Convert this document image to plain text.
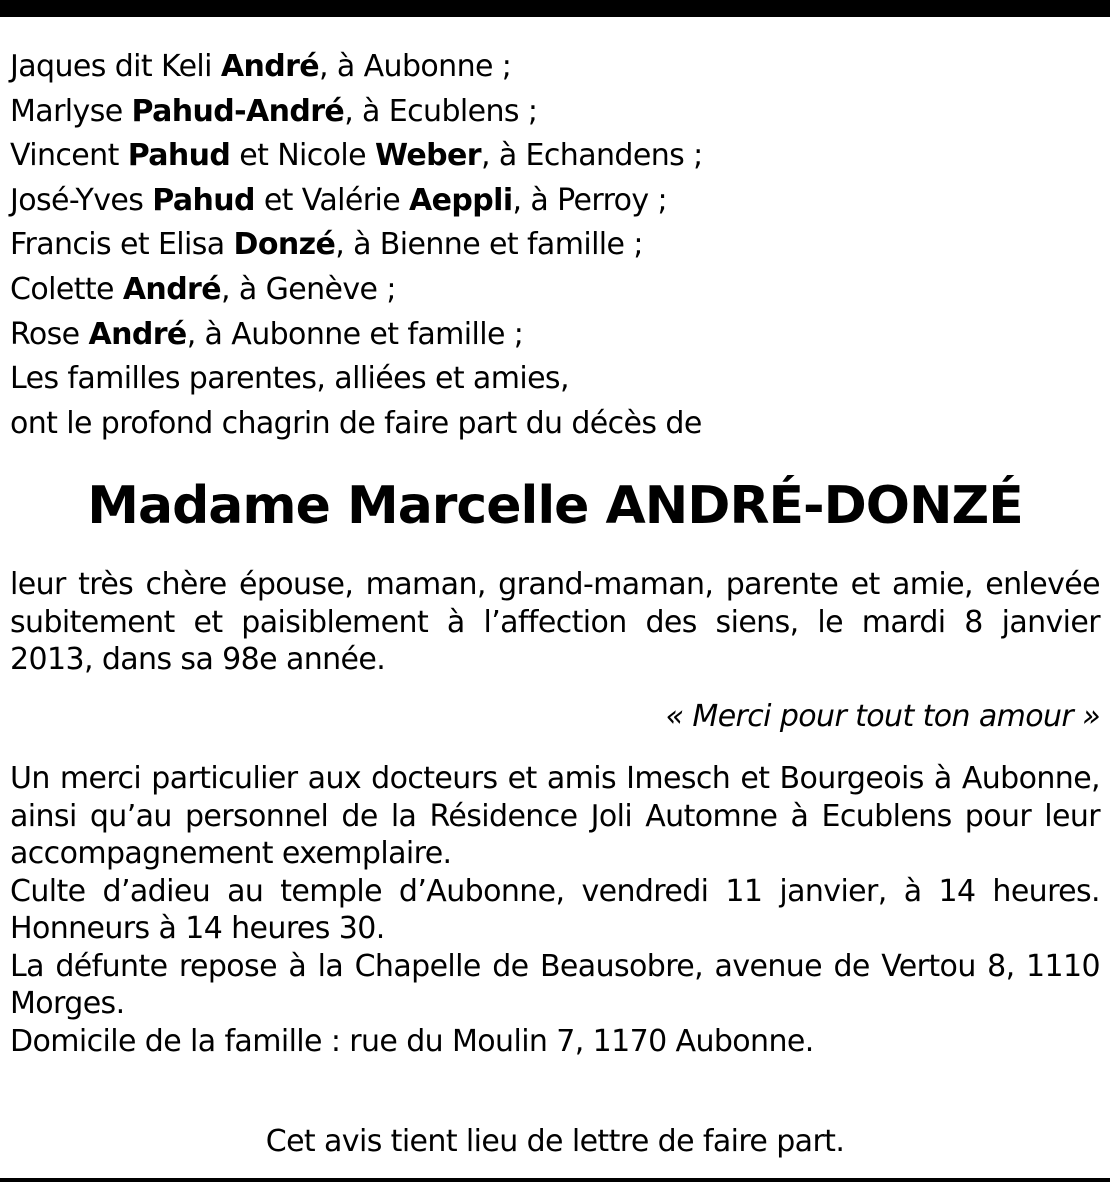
Jaques dit Keli André, à Aubonne ;
Marlyse Pahud-André, à Ecublens ;
Vincent Pahud et Nicole Weber, à Echandens ;
José-Yves Pahud et Valérie Aeppli, à Perroy ;
Francis et Elisa Donzé, à Bienne et famille ;
Colette André, à Genève ;
Rose André, à Aubonne et famille ;
Les familles parentes, alliées et amies,
ont le profond chagrin de faire part du décès de
Madame Marcelle ANDRÉ-DONZÉ
leur très chère épouse, maman, grand-maman, parente et amie, enlevée
subitement et paisiblement à l’affection des siens, le mardi 8 janvier
2013, dans sa 98e année.
« Merci pour tout ton amour »
Un merci particulier aux docteurs et amis Imesch et Bourgeois à Aubonne,
ainsi qu’au personnel de la Résidence Joli Automne à Ecublens pour leur
accompagnement exemplaire.
Culte d’adieu au temple d’Aubonne, vendredi 11 janvier, à 14 heures.
Honneurs à 14 heures 30.
La défunte repose à la Chapelle de Beausobre, avenue de Vertou 8, 1110
Morges.
Domicile de la famille : rue du Moulin 7, 1170 Aubonne.
Cet avis tient lieu de lettre de faire part.
